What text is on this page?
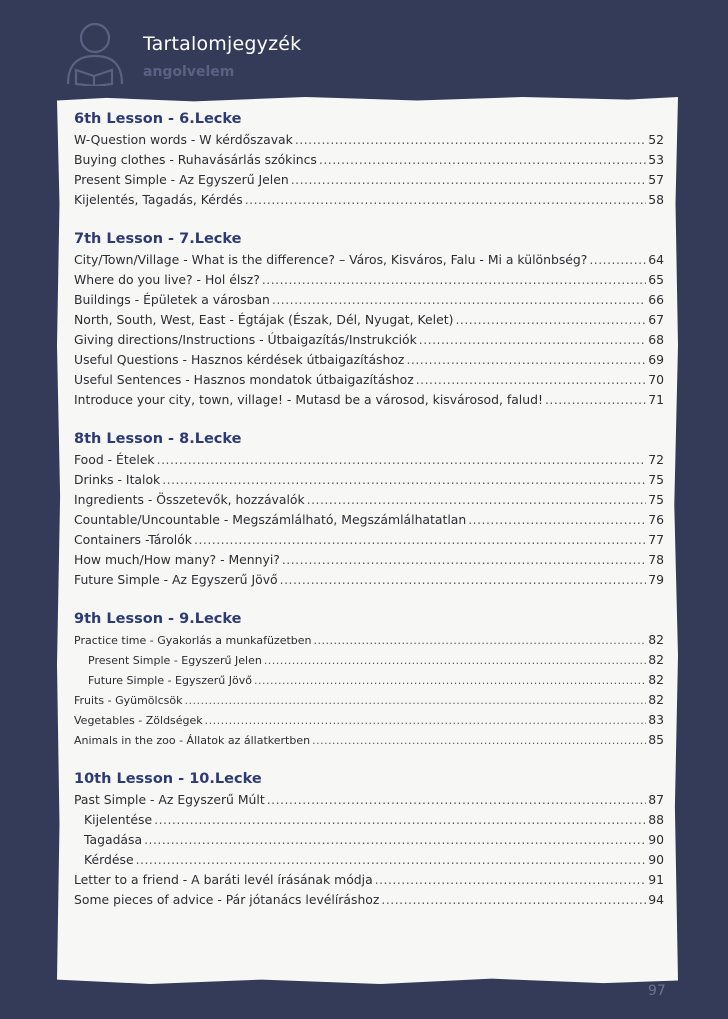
Tartalomjegyzék
angolvelem
6th Lesson - 6.Lecke
W-Question words - W kérdőszavak .....	52
Buying clothes - Ruhavásárlás szókincs .....	53
Present Simple - Az Egyszerű Jelen .....	57
Kijelentés, Tagadás, Kérdés .....	58
7th Lesson - 7.Lecke
City/Town/Village - What is the difference? – Város, Kisváros, Falu - Mi a különbség? .....	64
Where do you live? - Hol élsz? .....	65
Buildings - Épületek a városban .....	66
North, South, West, East - Égtájak (Észak, Dél, Nyugat, Kelet) .....	67
Giving directions/Instructions - Útbaigazítás/Instrukciók .....	68
Useful Questions - Hasznos kérdések útbaigazításhoz .....	69
Useful Sentences - Hasznos mondatok útbaigazításhoz .....	70
Introduce your city, town, village! - Mutasd be a városod, kisvárosod, falud! .....	71
8th Lesson - 8.Lecke
Food - Ételek .....	72
Drinks - Italok .....	75
Ingredients - Összetevők, hozzávalók .....	75
Countable/Uncountable - Megszámlálható, Megszámlálhatatlan .....	76
Containers -Tárolók .....	77
How much/How many? - Mennyi? .....	78
Future Simple - Az Egyszerű Jövő .....	79
9th Lesson - 9.Lecke
Practice time - Gyakorlás a munkafüzetben .....	82
Present Simple - Egyszerű Jelen .....	82
Future Simple - Egyszerű Jövő .....	82
Fruits - Gyümölcsök .....	82
Vegetables - Zöldségek .....	83
Animals in the zoo - Állatok az állatkertben .....	85
10th Lesson - 10.Lecke
Past Simple - Az Egyszerű Múlt .....	87
Kijelentése .....	88
Tagadása .....	90
Kérdése .....	90
Letter to a friend - A baráti levél írásának módja .....	91
Some pieces of advice - Pár jótanács levélíráshoz .....	94
97
